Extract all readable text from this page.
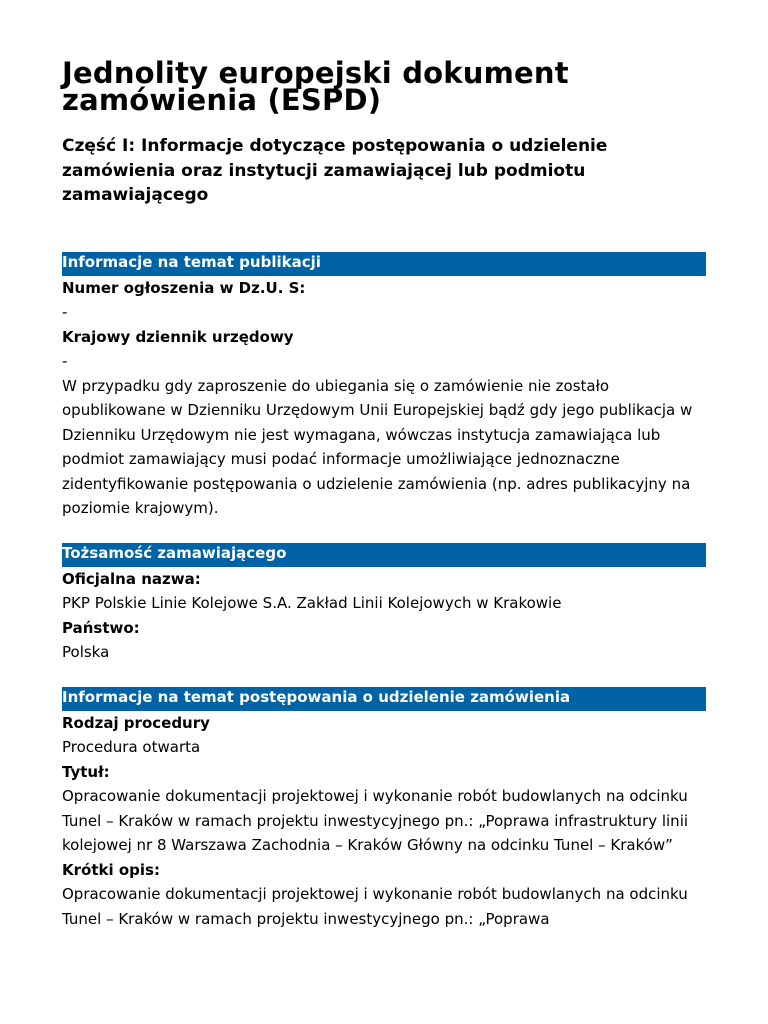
Jednolity europejski dokument zamówienia (ESPD)
Część I: Informacje dotyczące postępowania o udzielenie zamówienia oraz instytucji zamawiającej lub podmiotu zamawiającego
Informacje na temat publikacji
Numer ogłoszenia w Dz.U. S:
-
Krajowy dziennik urzędowy
-
W przypadku gdy zaproszenie do ubiegania się o zamówienie nie zostało opublikowane w Dzienniku Urzędowym Unii Europejskiej bądź gdy jego publikacja w Dzienniku Urzędowym nie jest wymagana, wówczas instytucja zamawiająca lub podmiot zamawiający musi podać informacje umożliwiające jednoznaczne zidentyfikowanie postępowania o udzielenie zamówienia (np. adres publikacyjny na poziomie krajowym).
Tożsamość zamawiającego
Oficjalna nazwa:
PKP Polskie Linie Kolejowe S.A. Zakład Linii Kolejowych w Krakowie
Państwo:
Polska
Informacje na temat postępowania o udzielenie zamówienia
Rodzaj procedury
Procedura otwarta
Tytuł:
Opracowanie dokumentacji projektowej i wykonanie robót budowlanych na odcinku Tunel – Kraków w ramach projektu inwestycyjnego pn.: „Poprawa infrastruktury linii kolejowej nr 8 Warszawa Zachodnia – Kraków Główny na odcinku Tunel – Kraków”
Krótki opis:
Opracowanie dokumentacji projektowej i wykonanie robót budowlanych na odcinku Tunel – Kraków w ramach projektu inwestycyjnego pn.: „Poprawa
